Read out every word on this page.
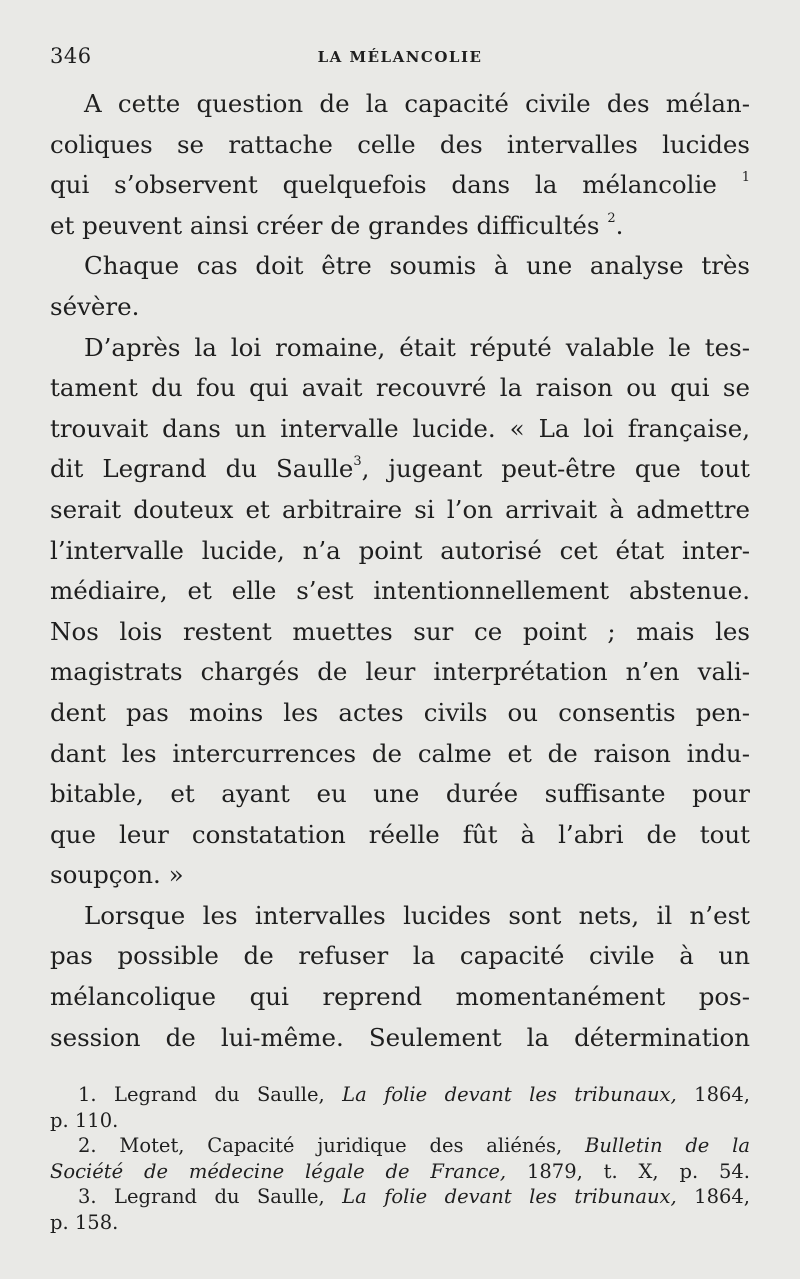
346	LA MÉLANCOLIE
A cette question de la capacité civile des mélan-
coliques se rattache celle des intervalles lucides
qui s’observent quelquefois dans la mélancolie $^1$
et peuvent ainsi créer de grandes difficultés $^2$.
Chaque cas doit être soumis à une analyse très
sévère.
D’après la loi romaine, était réputé valable le tes-
tament du fou qui avait recouvré la raison ou qui se
trouvait dans un intervalle lucide. « La loi française,
dit Legrand du Saulle$^3$, jugeant peut-être que tout
serait douteux et arbitraire si l’on arrivait à admettre
l’intervalle lucide, n’a point autorisé cet état inter-
médiaire, et elle s’est intentionnellement abstenue.
Nos lois restent muettes sur ce point ; mais les
magistrats chargés de leur interprétation n’en vali-
dent pas moins les actes civils ou consentis pen-
dant les intercurrences de calme et de raison indu-
bitable, et ayant eu une durée suffisante pour
que leur constatation réelle fût à l’abri de tout
soupçon. »
Lorsque les intervalles lucides sont nets, il n’est
pas possible de refuser la capacité civile à un
mélancolique qui reprend momentanément pos-
session de lui-même. Seulement la détermination
1. Legrand du Saulle, La folie devant les tribunaux, 1864,
p. 110.
2. Motet, Capacité juridique des aliénés, Bulletin de la
Société de médecine légale de France, 1879, t. X, p. 54.
3. Legrand du Saulle, La folie devant les tribunaux, 1864,
p. 158.
